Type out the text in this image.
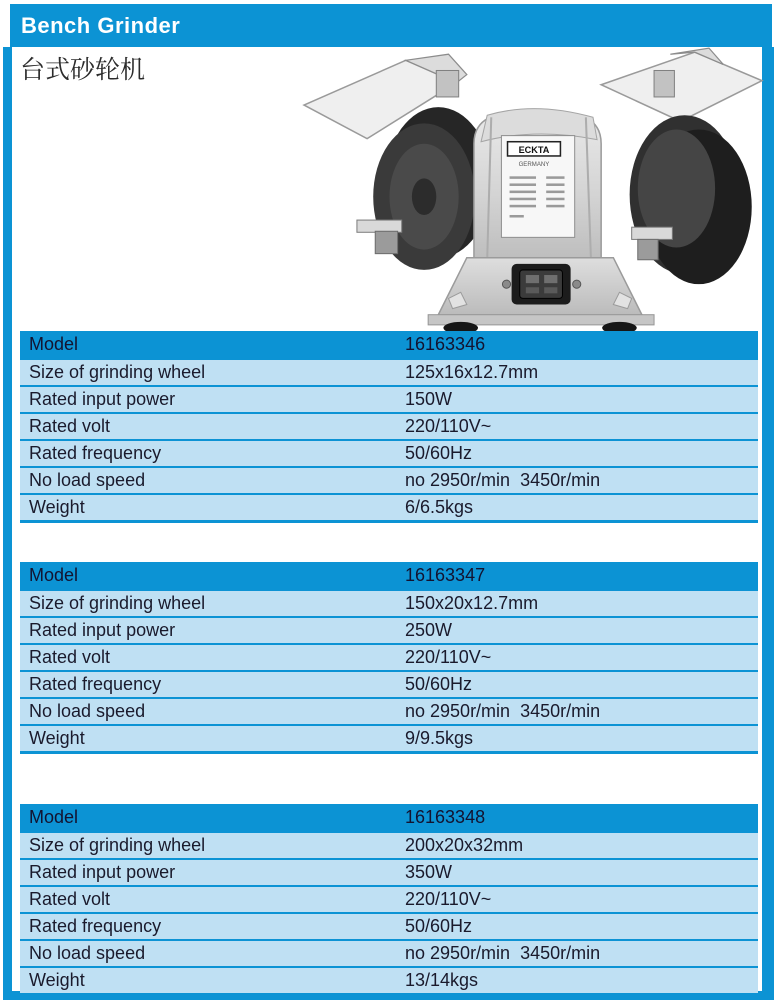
Bench Grinder
台式砂轮机
ECKTA
GERMANY
Model	16163346
Size of grinding wheel	125x16x12.7mm
Rated input power	150W
Rated volt	220/110V~
Rated frequency	50/60Hz
No load speed	no 2950r/min  3450r/min
Weight	6/6.5kgs
Model	16163347
Size of grinding wheel	150x20x12.7mm
Rated input power	250W
Rated volt	220/110V~
Rated frequency	50/60Hz
No load speed	no 2950r/min  3450r/min
Weight	9/9.5kgs
Model	16163348
Size of grinding wheel	200x20x32mm
Rated input power	350W
Rated volt	220/110V~
Rated frequency	50/60Hz
No load speed	no 2950r/min  3450r/min
Weight	13/14kgs
